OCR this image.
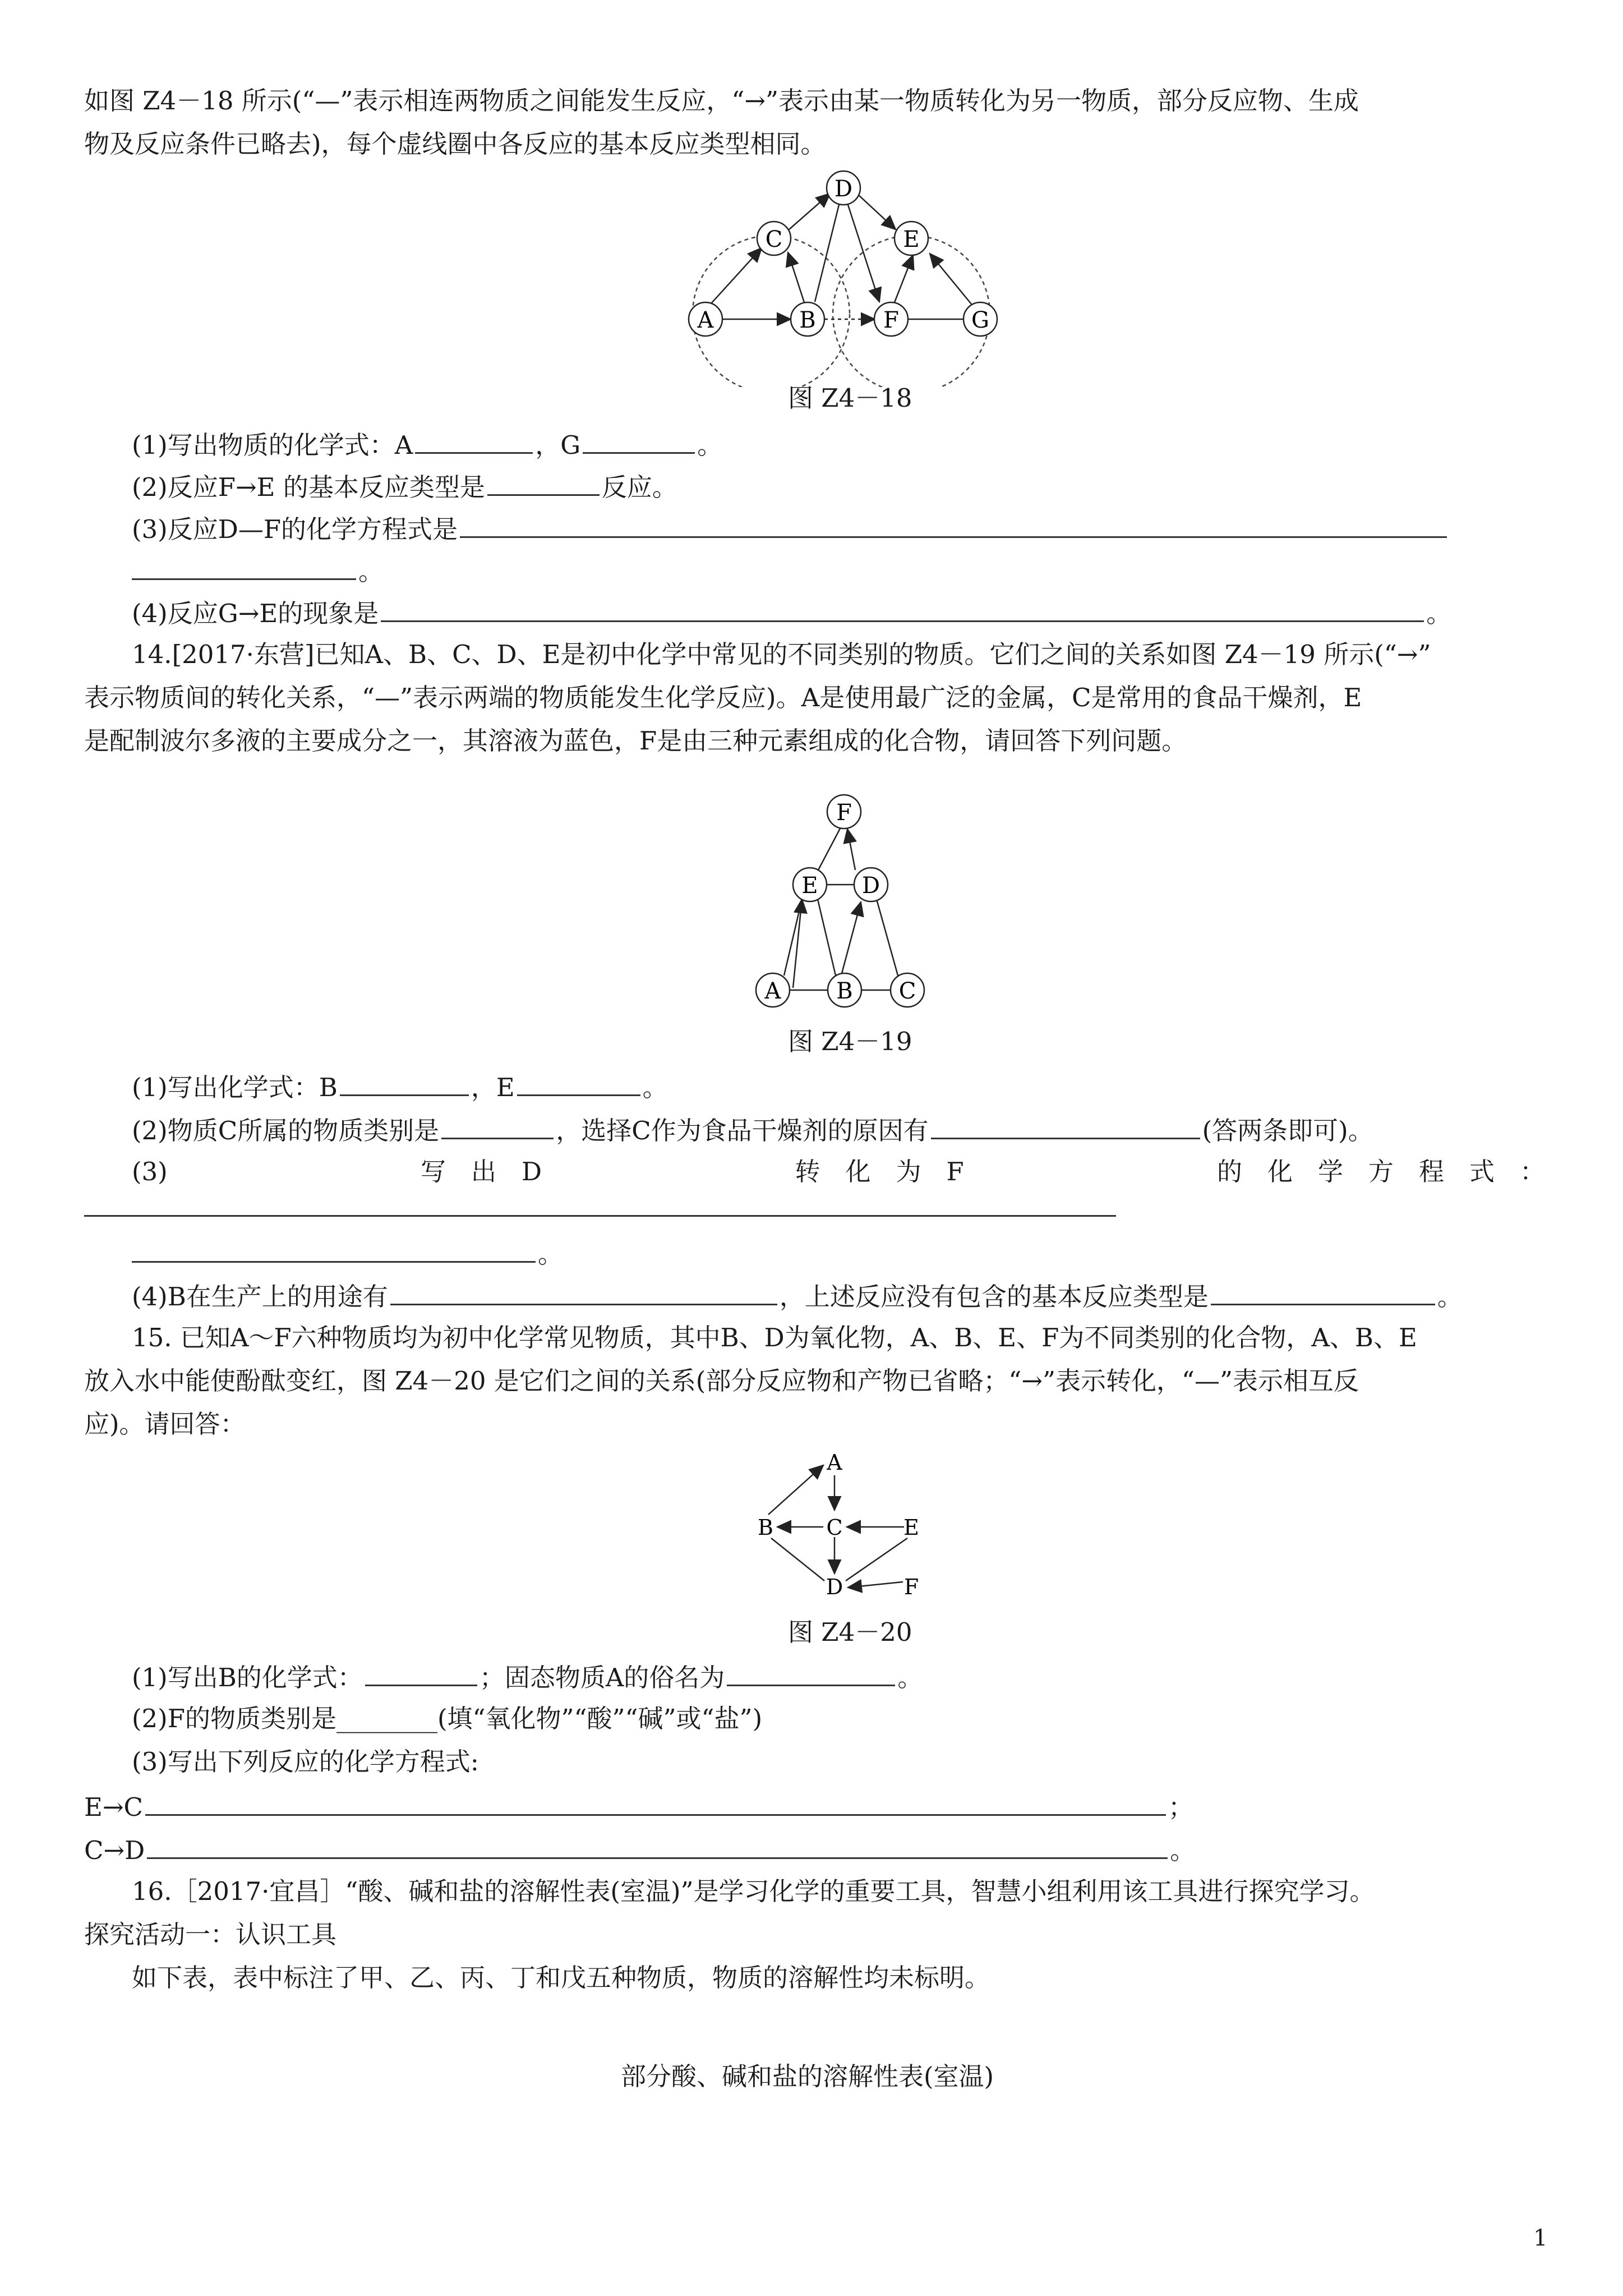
如图 Z4－18 所示(“—”表示相连两物质之间能发生反应，“→”表示由某一物质转化为另一物质，部分反应物、生成
物及反应条件已略去)，每个虚线圈中各反应的基本反应类型相同。
D
C	E
A	B	F	G
图 Z4－18
(1)写出物质的化学式：A	，G	。
(2)反应F→E 的基本反应类型是	反应。
(3)反应D—F的化学方程式是
。
(4)反应G→E的现象是	。
14.[2017·东营]已知A、B、C、D、E是初中化学中常见的不同类别的物质。它们之间的关系如图 Z4－19 所示(“→”
表示物质间的转化关系，“—”表示两端的物质能发生化学反应)。A是使用最广泛的金属，C是常用的食品干燥剂，E
是配制波尔多液的主要成分之一，其溶液为蓝色，F是由三种元素组成的化合物，请回答下列问题。
F
E D
A B C
图 Z4－19
(1)写出化学式：B	，E	。
(2)物质C所属的物质类别是	，选择C作为食品干燥剂的原因有	(答两条即可)。
(3)	写　出　D	转　化　为　F	的　化　学　方　程　式　：
。
(4)B在生产上的用途有	，上述反应没有包含的基本反应类型是	。
15. 已知A～F六种物质均为初中化学常见物质，其中B、D为氧化物，A、B、E、F为不同类别的化合物，A、B、E
放入水中能使酚酞变红，图 Z4－20 是它们之间的关系(部分反应物和产物已省略；“→”表示转化，“—”表示相互反
应)。请回答：
A
B C	E
D	F
图 Z4－20
(1)写出B的化学式：	；固态物质A的俗名为	。
(2)F的物质类别是________(填“氧化物”“酸”“碱”或“盐”)
(3)写出下列反应的化学方程式:
E→C	；
C→D	。
16.［2017·宜昌］“酸、碱和盐的溶解性表(室温)”是学习化学的重要工具，智慧小组利用该工具进行探究学习。
探究活动一：认识工具
如下表，表中标注了甲、乙、丙、丁和戊五种物质，物质的溶解性均未标明。
部分酸、碱和盐的溶解性表(室温)
1
